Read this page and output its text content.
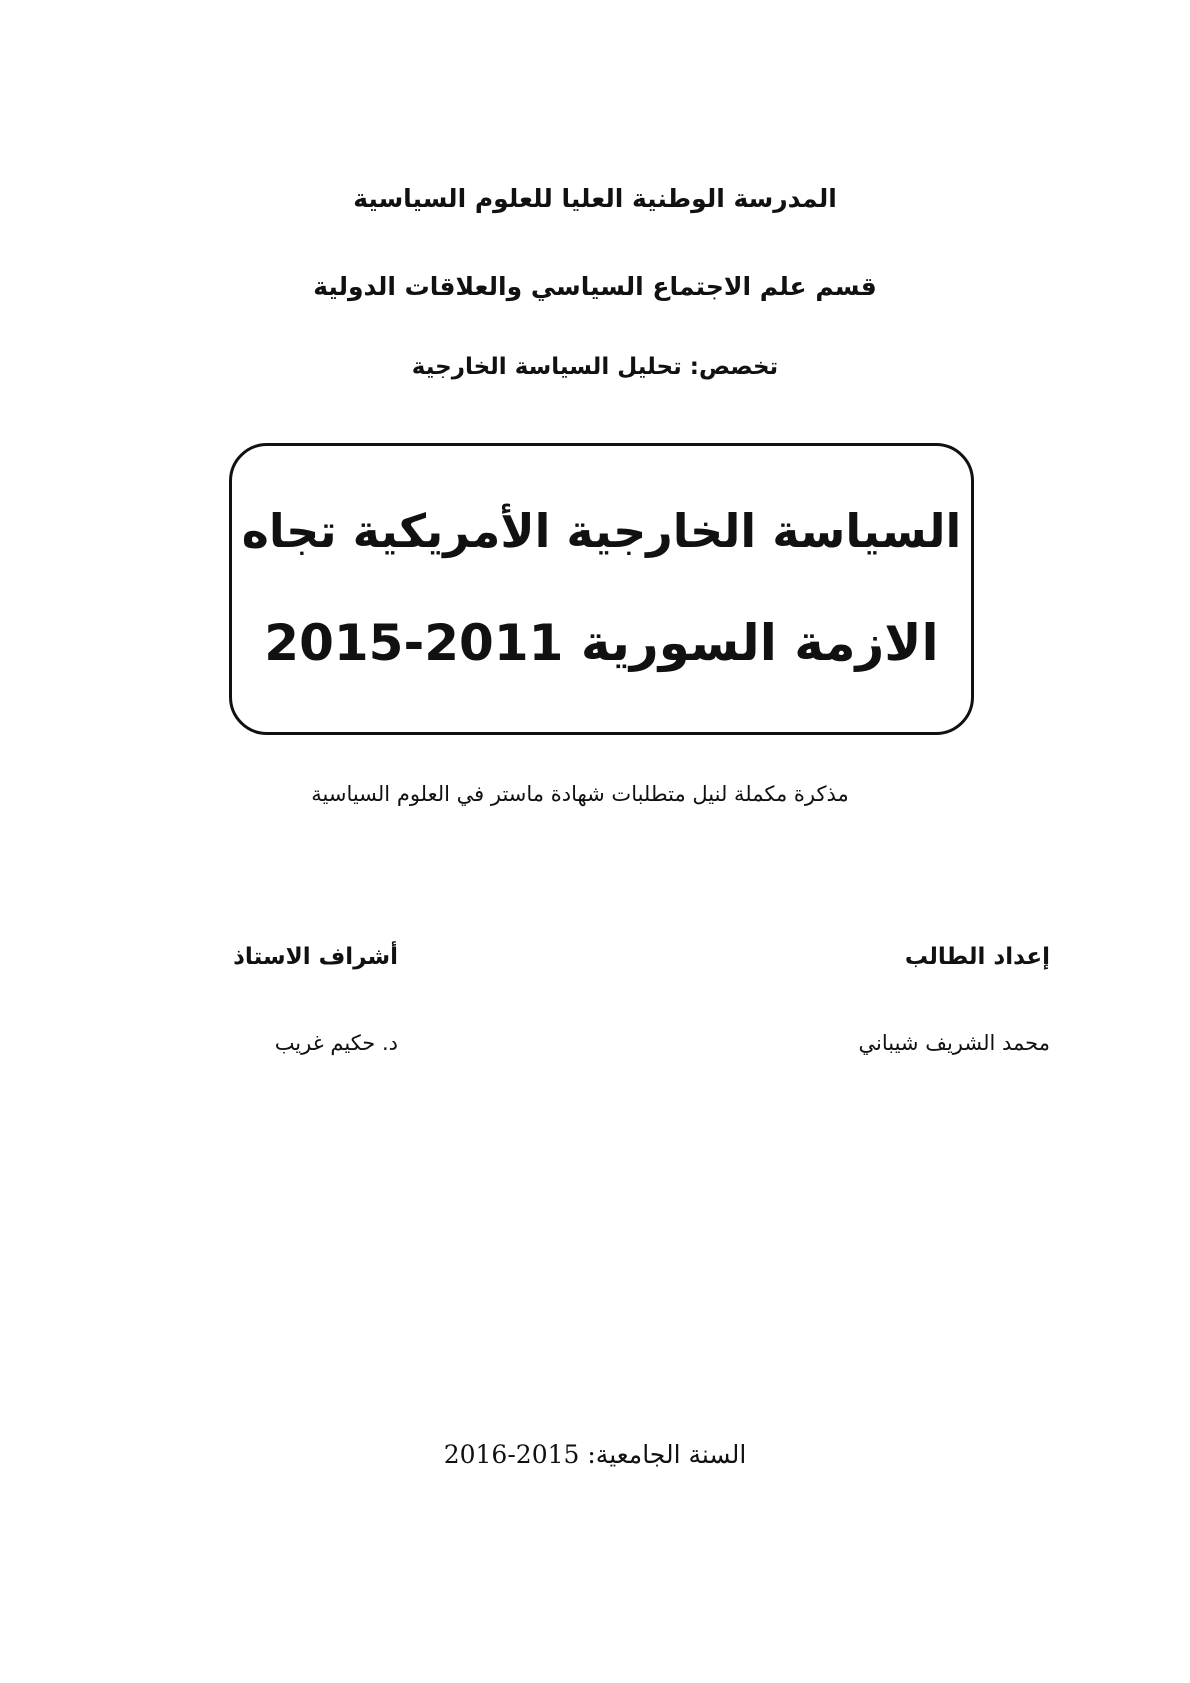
المدرسة الوطنية العليا للعلوم السياسية
قسم علم الاجتماع السياسي والعلاقات الدولية
تخصص: تحليل السياسة الخارجية
السياسة الخارجية الأمريكية تجاه
الازمة السورية 2011-2015
مذكرة مكملة لنيل متطلبات شهادة ماستر في العلوم السياسية
إعداد الطالب
أشراف الاستاذ
محمد الشريف شيباني
د. حكيم غريب
السنة الجامعية: 2015-2016
